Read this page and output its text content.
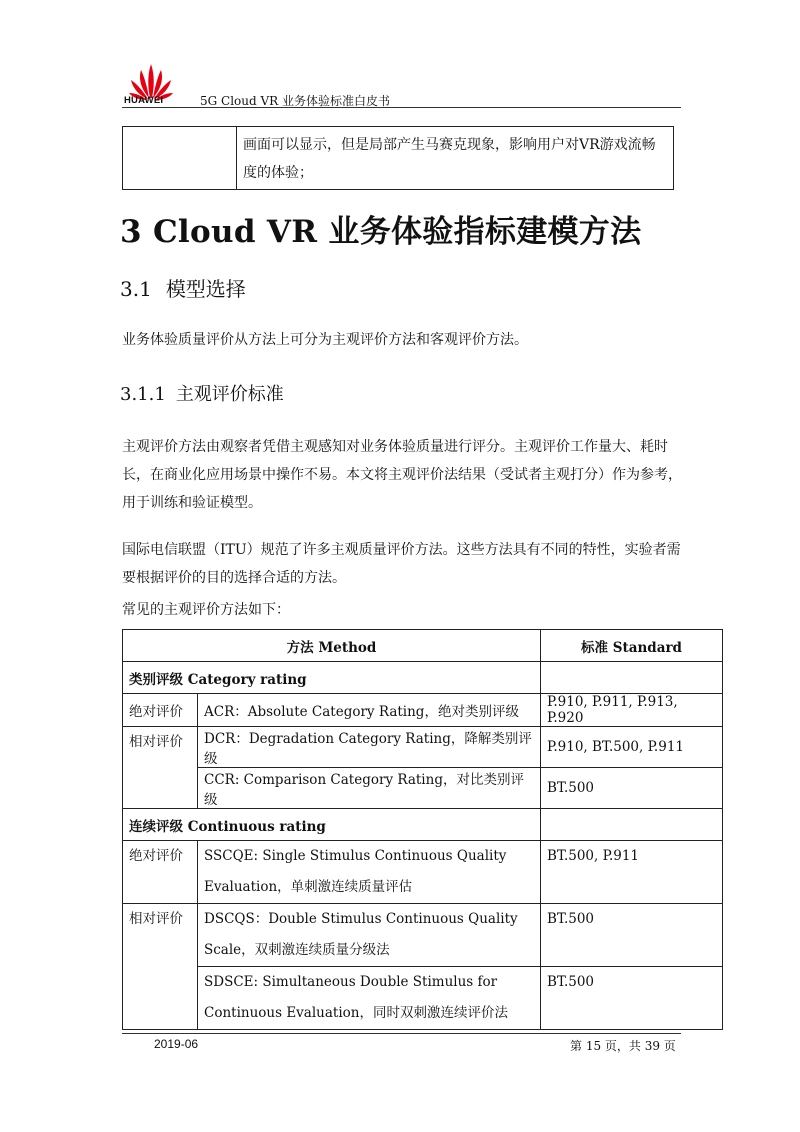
HUAWEI	5G Cloud VR 业务体验标准白皮书
画面可以显示，但是局部产生马赛克现象，影响用户对VR游戏流畅度的体验；
3 Cloud VR 业务体验指标建模方法
3.1 模型选择
业务体验质量评价从方法上可分为主观评价方法和客观评价方法。
3.1.1 主观评价标准
主观评价方法由观察者凭借主观感知对业务体验质量进行评分。主观评价工作量大、耗时长，在商业化应用场景中操作不易。本文将主观评价法结果（受试者主观打分）作为参考，用于训练和验证模型。
国际电信联盟（ITU）规范了许多主观质量评价方法。这些方法具有不同的特性，实验者需要根据评价的目的选择合适的方法。
常见的主观评价方法如下：
方法 Method		标准 Standard
类别评级 Category rating		
绝对评价	ACR：Absolute Category Rating，绝对类别评级	P.910, P.911, P.913, P.920
相对评价	DCR：Degradation Category Rating，降解类别评级	P.910, BT.500, P.911
	CCR: Comparison Category Rating，对比类别评级	BT.500
连续评级 Continuous rating		
绝对评价	SSCQE: Single Stimulus Continuous Quality Evaluation，单刺激连续质量评估	BT.500, P.911
相对评价	DSCQS：Double Stimulus Continuous Quality Scale，双刺激连续质量分级法	BT.500
	SDSCE: Simultaneous Double Stimulus for Continuous Evaluation，同时双刺激连续评价法	BT.500
2019-06	第 15 页，共 39 页
